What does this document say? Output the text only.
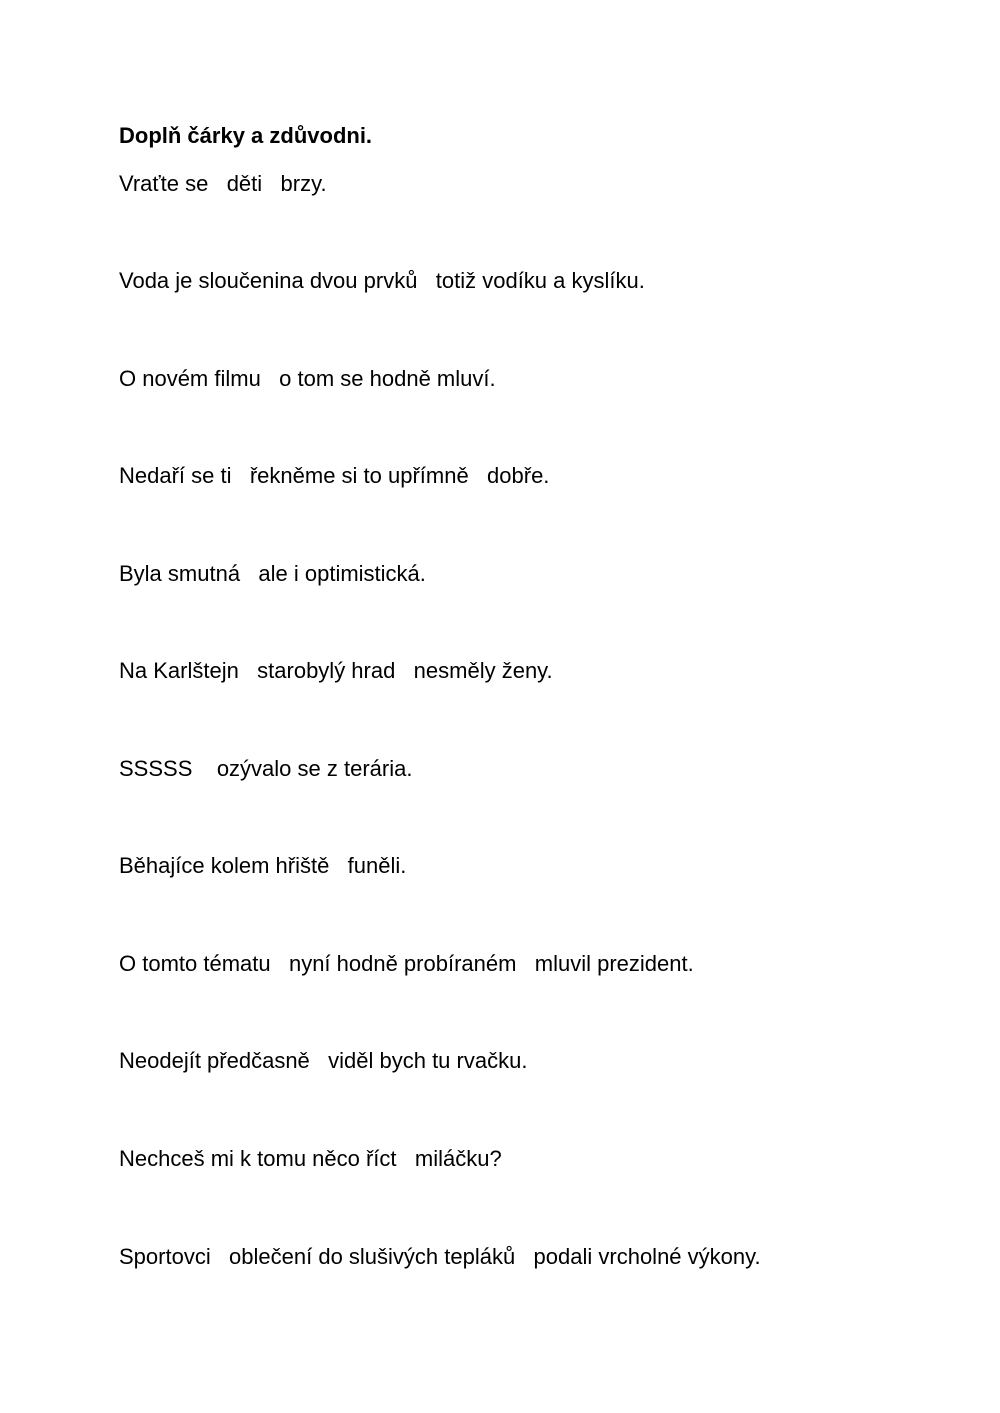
Doplň čárky a zdůvodni.
Vraťte se   děti   brzy.
Voda je sloučenina dvou prvků   totiž vodíku a kyslíku.
O novém filmu   o tom se hodně mluví.
Nedaří se ti   řekněme si to upřímně   dobře.
Byla smutná   ale i optimistická.
Na Karlštejn   starobylý hrad   nesměly ženy.
SSSSS    ozývalo se z terária.
Běhajíce kolem hřiště   funěli.
O tomto tématu   nyní hodně probíraném   mluvil prezident.
Neodejít předčasně   viděl bych tu rvačku.
Nechceš mi k tomu něco říct   miláčku?
Sportovci   oblečení do slušivých tepláků   podali vrcholné výkony.
